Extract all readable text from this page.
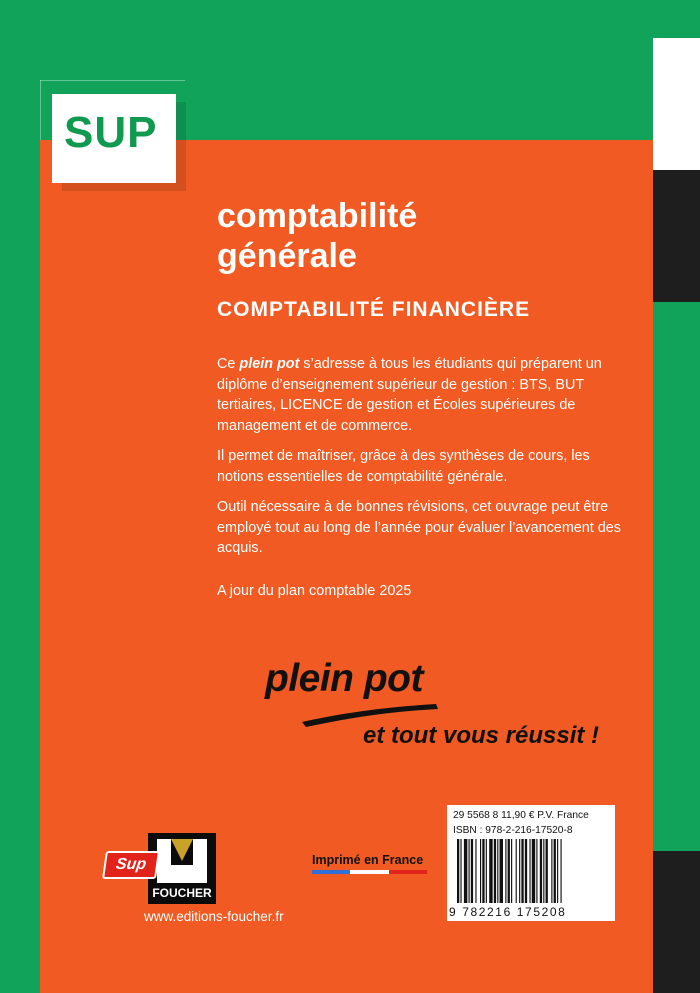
SUP
comptabilité
générale
COMPTABILITÉ FINANCIÈRE

Ce plein pot s’adresse à tous les étudiants qui préparent un diplôme d’enseignement supérieur de gestion : BTS, BUT tertiaires, LICENCE de gestion et Écoles supérieures de management et de commerce.

Il permet de maîtriser, grâce à des synthèses de cours, les notions essentielles de comptabilité générale.

Outil nécessaire à de bonnes révisions, cet ouvrage peut être employé tout au long de l’année pour évaluer l’avancement des acquis.

A jour du plan comptable 2025

plein pot
et tout vous réussit !
FOUCHER
Sup
www.editions-foucher.fr
Imprimé en France
29 5568 8 11,90 € P.V. France
ISBN : 978-2-216-17520-8
9 782216 175208
